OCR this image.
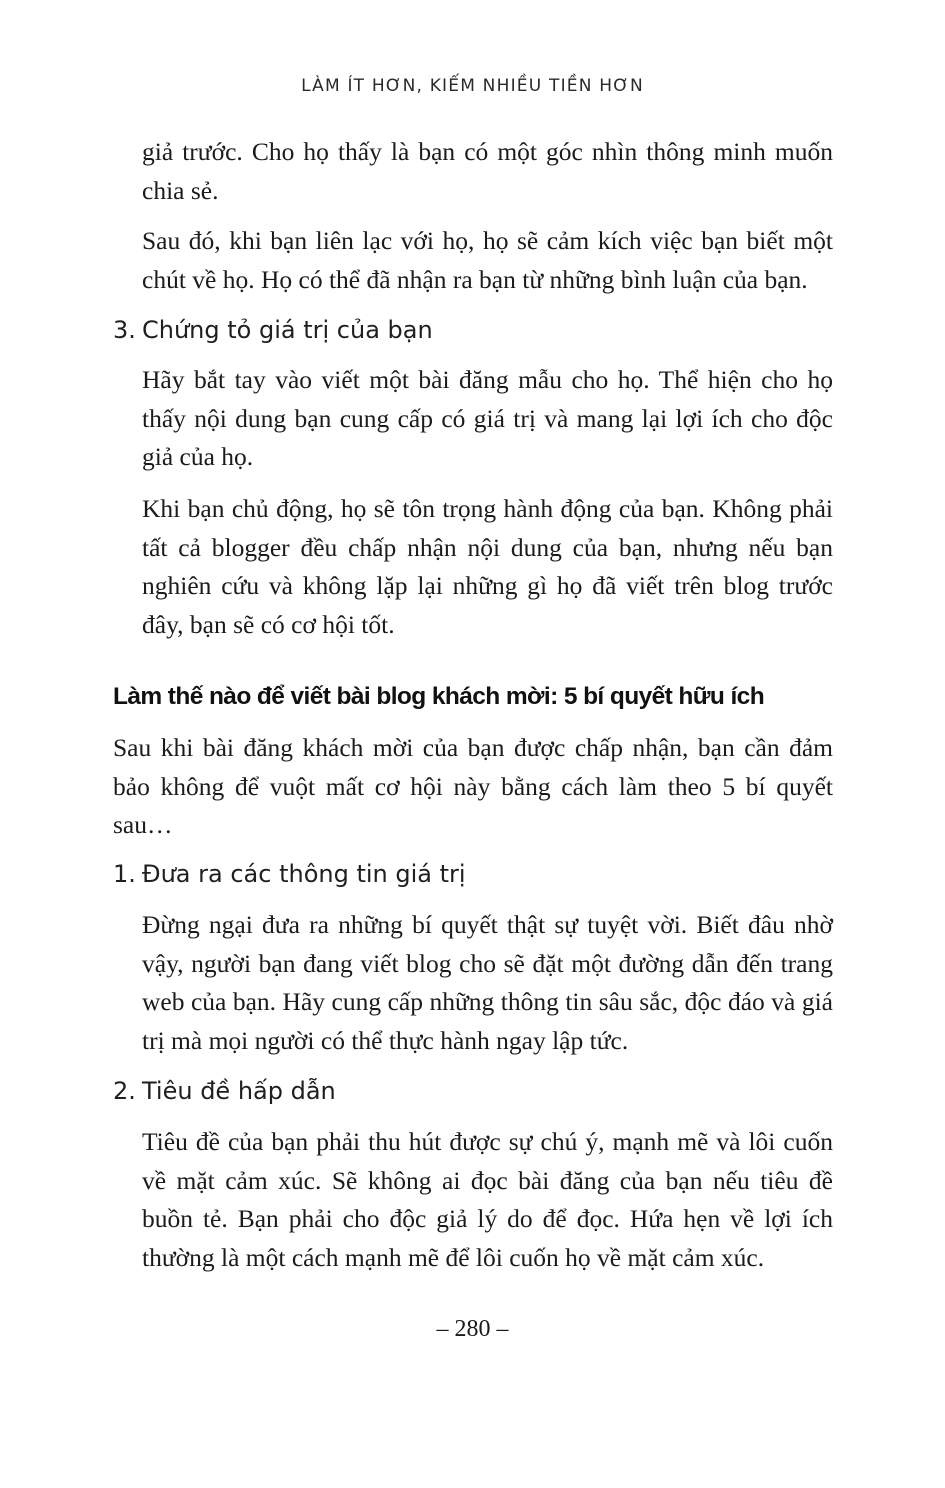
LÀM ÍT HƠN, KIẾM NHIỀU TIỀN HƠN

giả trước. Cho họ thấy là bạn có một góc nhìn thông minh muốn chia sẻ.

Sau đó, khi bạn liên lạc với họ, họ sẽ cảm kích việc bạn biết một chút về họ. Họ có thể đã nhận ra bạn từ những bình luận của bạn.

3. Chứng tỏ giá trị của bạn

Hãy bắt tay vào viết một bài đăng mẫu cho họ. Thể hiện cho họ thấy nội dung bạn cung cấp có giá trị và mang lại lợi ích cho độc giả của họ.

Khi bạn chủ động, họ sẽ tôn trọng hành động của bạn. Không phải tất cả blogger đều chấp nhận nội dung của bạn, nhưng nếu bạn nghiên cứu và không lặp lại những gì họ đã viết trên blog trước đây, bạn sẽ có cơ hội tốt.

Làm thế nào để viết bài blog khách mời: 5 bí quyết hữu ích

Sau khi bài đăng khách mời của bạn được chấp nhận, bạn cần đảm bảo không để vuột mất cơ hội này bằng cách làm theo 5 bí quyết sau…

1. Đưa ra các thông tin giá trị

Đừng ngại đưa ra những bí quyết thật sự tuyệt vời. Biết đâu nhờ vậy, người bạn đang viết blog cho sẽ đặt một đường dẫn đến trang web của bạn. Hãy cung cấp những thông tin sâu sắc, độc đáo và giá trị mà mọi người có thể thực hành ngay lập tức.

2. Tiêu đề hấp dẫn

Tiêu đề của bạn phải thu hút được sự chú ý, mạnh mẽ và lôi cuốn về mặt cảm xúc. Sẽ không ai đọc bài đăng của bạn nếu tiêu đề buồn tẻ. Bạn phải cho độc giả lý do để đọc. Hứa hẹn về lợi ích thường là một cách mạnh mẽ để lôi cuốn họ về mặt cảm xúc.

– 280 –
